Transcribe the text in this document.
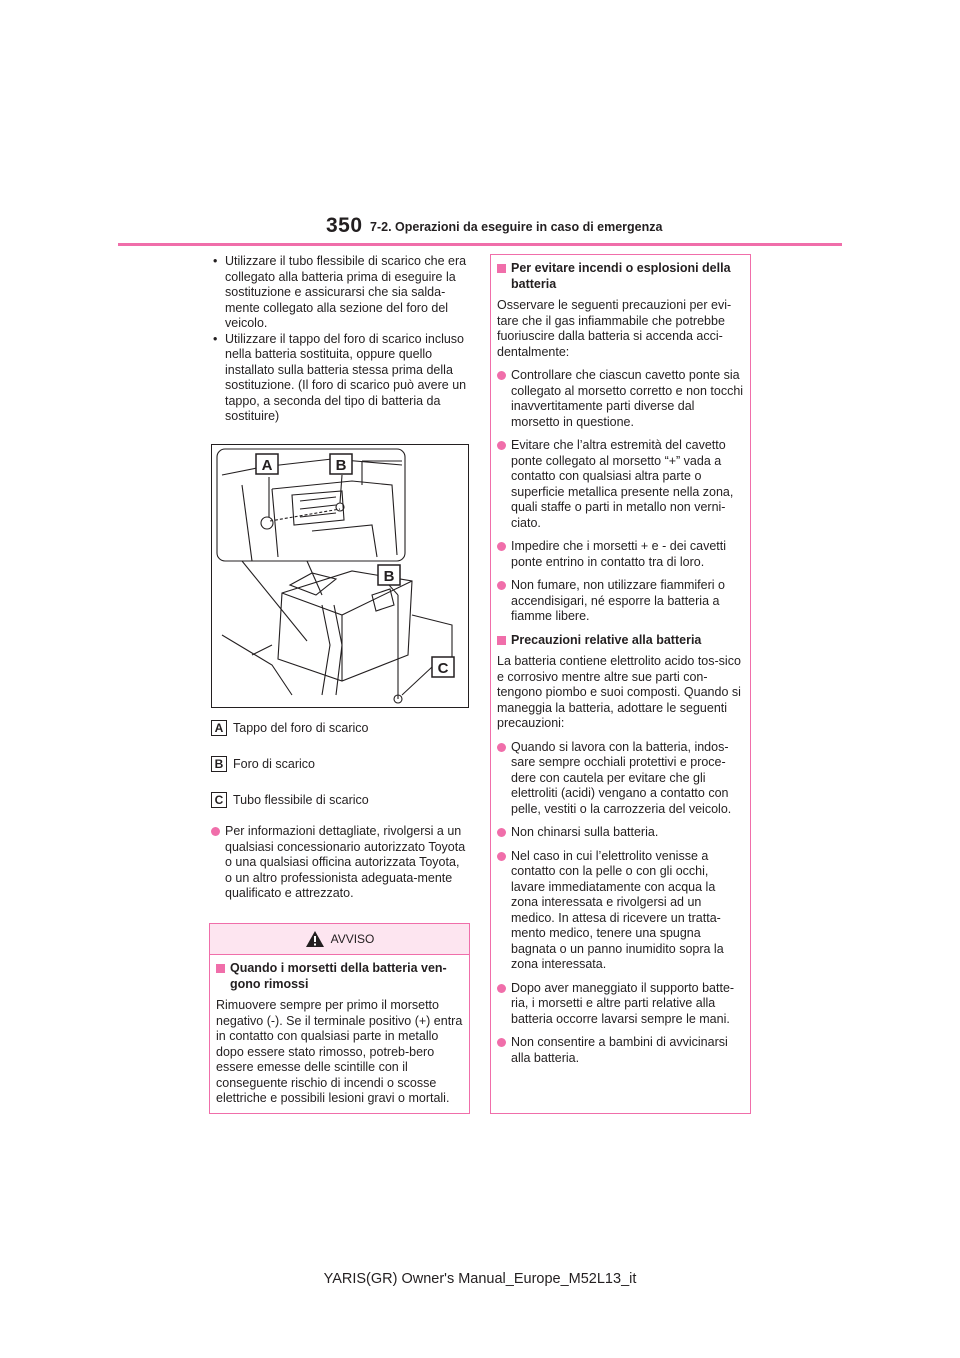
350 7-2. Operazioni da eseguire in caso di emergenza
• Utilizzare il tubo flessibile di scarico che era collegato alla batteria prima di eseguire la sostituzione e assicurarsi che sia salda-mente collegato alla sezione del foro del veicolo.
• Utilizzare il tappo del foro di scarico incluso nella batteria sostituita, oppure quello installato sulla batteria stessa prima della sostituzione. (Il foro di scarico può avere un tappo, a seconda del tipo di batteria da sostituire)
A	B
B
C
A Tappo del foro di scarico
B Foro di scarico
C Tubo flessibile di scarico
Per informazioni dettagliate, rivolgersi a un qualsiasi concessionario autorizzato Toyota o una qualsiasi officina autorizzata Toyota, o un altro professionista adeguata-mente qualificato e attrezzato.
AVVISO
Quando i morsetti della batteria ven-gono rimossi
Rimuovere sempre per primo il morsetto negativo (-). Se il terminale positivo (+) entra in contatto con qualsiasi parte in metallo dopo essere stato rimosso, potreb-bero essere emesse delle scintille con il conseguente rischio di incendi o scosse elettriche e possibili lesioni gravi o mortali.
Per evitare incendi o esplosioni della batteria

Osservare le seguenti precauzioni per evi-tare che il gas infiammabile che potrebbe fuoriuscire dalla batteria si accenda acci-dentalmente:

Controllare che ciascun cavetto ponte sia collegato al morsetto corretto e non tocchi inavvertitamente parti diverse dal morsetto in questione.
Evitare che l’altra estremità del cavetto ponte collegato al morsetto “+” vada a contatto con qualsiasi altra parte o superficie metallica presente nella zona, quali staffe o parti in metallo non verni-ciato.
Impedire che i morsetti + e - dei cavetti ponte entrino in contatto tra di loro.
Non fumare, non utilizzare fiammiferi o accendisigari, né esporre la batteria a fiamme libere.
Precauzioni relative alla batteria

La batteria contiene elettrolito acido tos-sico e corrosivo mentre altre sue parti con-tengono piombo e suoi composti. Quando si maneggia la batteria, adottare le seguenti precauzioni:

Quando si lavora con la batteria, indos-sare sempre occhiali protettivi e proce-dere con cautela per evitare che gli elettroliti (acidi) vengano a contatto con pelle, vestiti o la carrozzeria del veicolo.
Non chinarsi sulla batteria.
Nel caso in cui l’elettrolito venisse a contatto con la pelle o con gli occhi, lavare immediatamente con acqua la zona interessata e rivolgersi ad un medico. In attesa di ricevere un tratta-mento medico, tenere una spugna bagnata o un panno inumidito sopra la zona interessata.
Dopo aver maneggiato il supporto batte-ria, i morsetti e altre parti relative alla batteria occorre lavarsi sempre le mani.
Non consentire a bambini di avvicinarsi alla batteria.
YARIS(GR) Owner's Manual_Europe_M52L13_it
